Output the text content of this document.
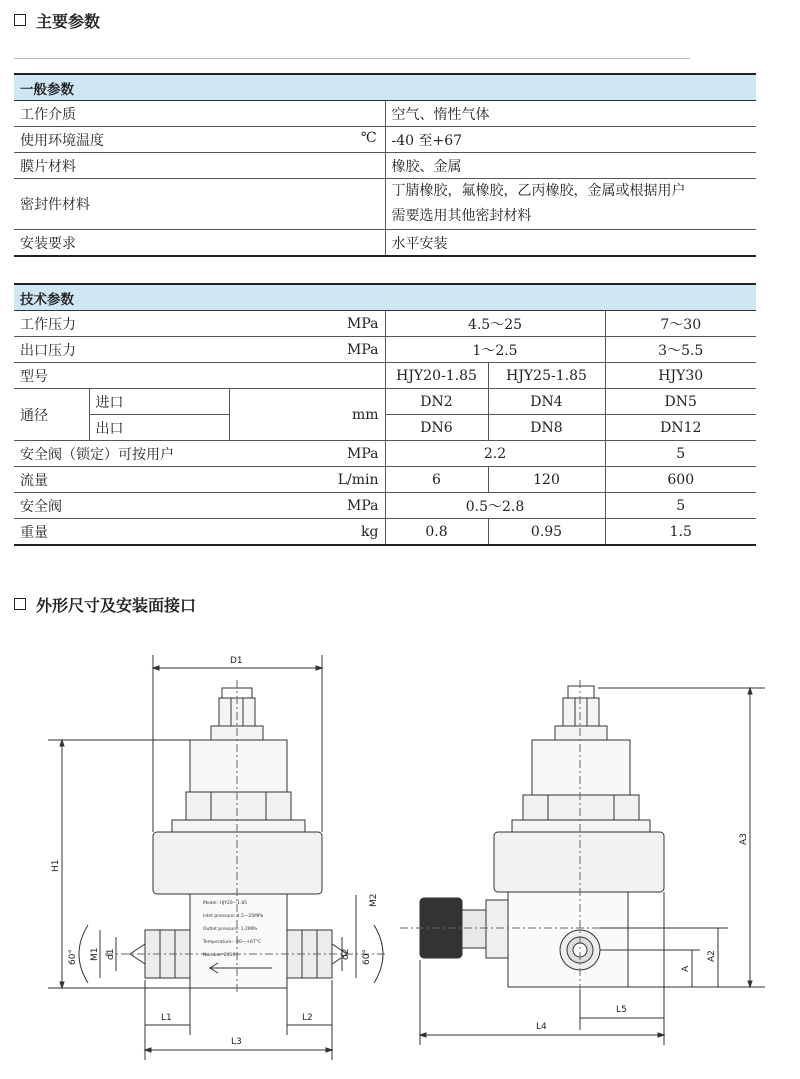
主要参数
一般参数	
工作介质	空气、惰性气体
使用环境温度 ℃	-40 至+67
膜片材料	橡胶、金属
密封件材料	丁腈橡胶，氟橡胶，乙丙橡胶，金属或根据用户
需要选用其他密封材料

安装要求	水平安装
技术参数					
工作压力		MPa	4.5～25		7～30
出口压力		MPa	1～2.5		3～5.5
型号			HJY20-1.85	HJY25-1.85	HJY30
通径	进口	mm	DN2	DN4	DN5
	出口		DN6	DN8	DN12
安全阀（锁定）可按用户		MPa	2.2		5
流量		L/min	6	120	600
安全阀		MPa	0.5～2.8		5
重量		kg	0.8	0.95	1.5
外形尺寸及安装面接口
Model: HJY20—1.85
Inlet pressure: 4.5—25MPa
Outlet pressure: 1.2MPa
Temperature: -40—+67°C
Number: 2010...
D1
H1
M1 d1
60°
M2
d2 60°
L1	L2
L3
L4
L5
A
A2
A3
